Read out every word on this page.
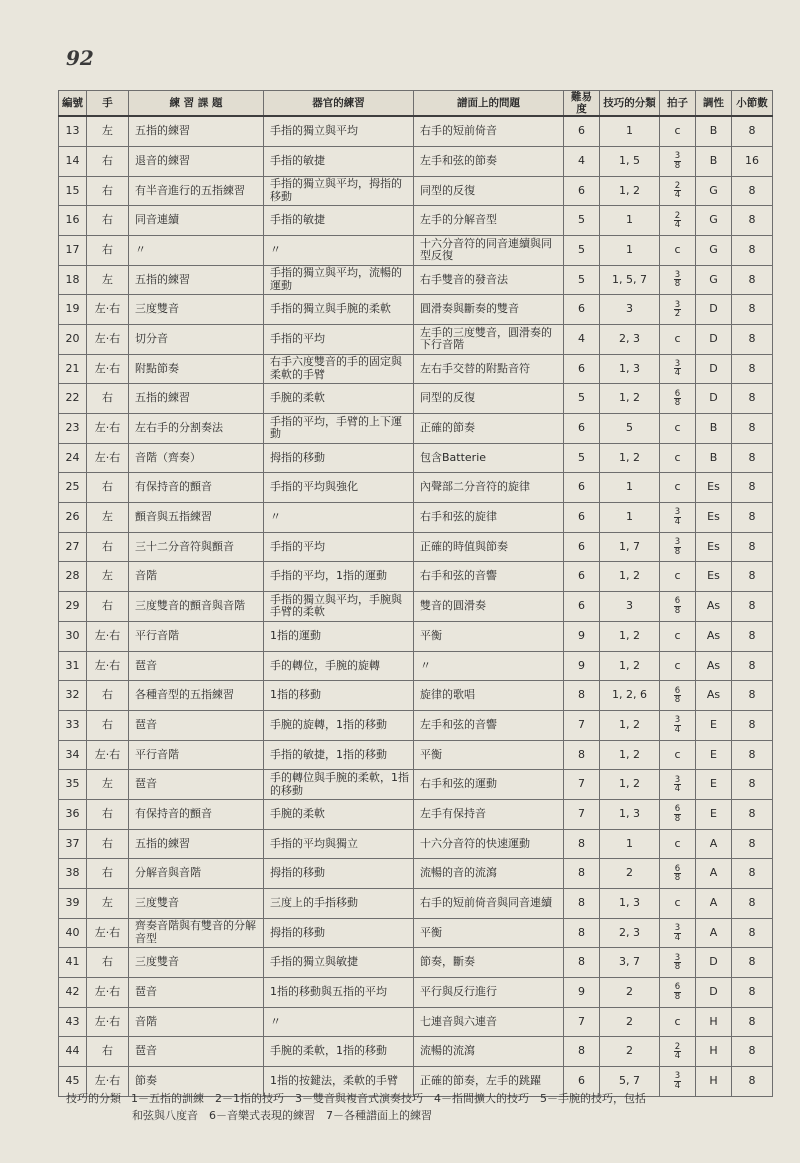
92
編號	手	練 習 課 題	器官的練習	譜面上的問題	難易度	技巧的分類	拍子	調性	小節數
13	左	五指的練習	手指的獨立與平均	右手的短前倚音	6	1	c	B	8
14	右	退音的練習	手指的敏捷	左手和弦的節奏	4	1, 5	$\frac{3}{8}$	B	16
15	右	有半音進行的五指練習	手指的獨立與平均，拇指的移動	同型的反復	6	1, 2	$\frac{2}{4}$	G	8
16	右	同音連續	手指的敏捷	左手的分解音型	5	1	$\frac{2}{4}$	G	8
17	右	〃	〃	十六分音符的同音連續與同型反復	5	1	c	G	8
18	左	五指的練習	手指的獨立與平均，流暢的運動	右手雙音的發音法	5	1, 5, 7	$\frac{3}{8}$	G	8
19	左·右	三度雙音	手指的獨立與手腕的柔軟	圓滑奏與斷奏的雙音	6	3	$\frac{3}{2}$	D	8
20	左·右	切分音	手指的平均	左手的三度雙音，圓滑奏的下行音階	4	2, 3	c	D	8
21	左·右	附點節奏	右手六度雙音的手的固定與柔軟的手臂	左右手交替的附點音符	6	1, 3	$\frac{3}{4}$	D	8
22	右	五指的練習	手腕的柔軟	同型的反復	5	1, 2	$\frac{6}{8}$	D	8
23	左·右	左右手的分割奏法	手指的平均，手臂的上下運動	正確的節奏	6	5	c	B	8
24	左·右	音階（齊奏）	拇指的移動	包含Batterie	5	1, 2	c	B	8
25	右	有保持音的顫音	手指的平均與強化	內聲部二分音符的旋律	6	1	c	Es	8
26	左	顫音與五指練習	〃	右手和弦的旋律	6	1	$\frac{3}{4}$	Es	8
27	右	三十二分音符與顫音	手指的平均	正確的時值與節奏	6	1, 7	$\frac{3}{8}$	Es	8
28	左	音階	手指的平均，1指的運動	右手和弦的音響	6	1, 2	c	Es	8
29	右	三度雙音的顫音與音階	手指的獨立與平均，手腕與手臂的柔軟	雙音的圓滑奏	6	3	$\frac{6}{8}$	As	8
30	左·右	平行音階	1指的運動	平衡	9	1, 2	c	As	8
31	左·右	琶音	手的轉位，手腕的旋轉	〃	9	1, 2	c	As	8
32	右	各種音型的五指練習	1指的移動	旋律的歌唱	8	1, 2, 6	$\frac{6}{8}$	As	8
33	右	琶音	手腕的旋轉，1指的移動	左手和弦的音響	7	1, 2	$\frac{3}{4}$	E	8
34	左·右	平行音階	手指的敏捷，1指的移動	平衡	8	1, 2	c	E	8
35	左	琶音	手的轉位與手腕的柔軟，1指的移動	右手和弦的運動	7	1, 2	$\frac{3}{4}$	E	8
36	右	有保持音的顫音	手腕的柔軟	左手有保持音	7	1, 3	$\frac{6}{8}$	E	8
37	右	五指的練習	手指的平均與獨立	十六分音符的快速運動	8	1	c	A	8
38	右	分解音與音階	拇指的移動	流暢的音的流瀉	8	2	$\frac{6}{8}$	A	8
39	左	三度雙音	三度上的手指移動	右手的短前倚音與同音連續	8	1, 3	c	A	8
40	左·右	齊奏音階與有雙音的分解音型	拇指的移動	平衡	8	2, 3	$\frac{3}{4}$	A	8
41	右	三度雙音	手指的獨立與敏捷	節奏，斷奏	8	3, 7	$\frac{3}{8}$	D	8
42	左·右	琶音	1指的移動與五指的平均	平行與反行進行	9	2	$\frac{6}{8}$	D	8
43	左·右	音階	〃	七連音與六連音	7	2	c	H	8
44	右	琶音	手腕的柔軟，1指的移動	流暢的流瀉	8	2	$\frac{2}{4}$	H	8
45	左·右	節奏	1指的按鍵法，柔軟的手臂	正確的節奏，左手的跳躍	6	5, 7	$\frac{3}{4}$	H	8
技巧的分類 1－五指的訓練　2－1指的技巧　3－雙音與複音式演奏技巧　4－指間擴大的技巧　5－手腕的技巧，包括
和弦與八度音　6－音樂式表現的練習　7－各種譜面上的練習
